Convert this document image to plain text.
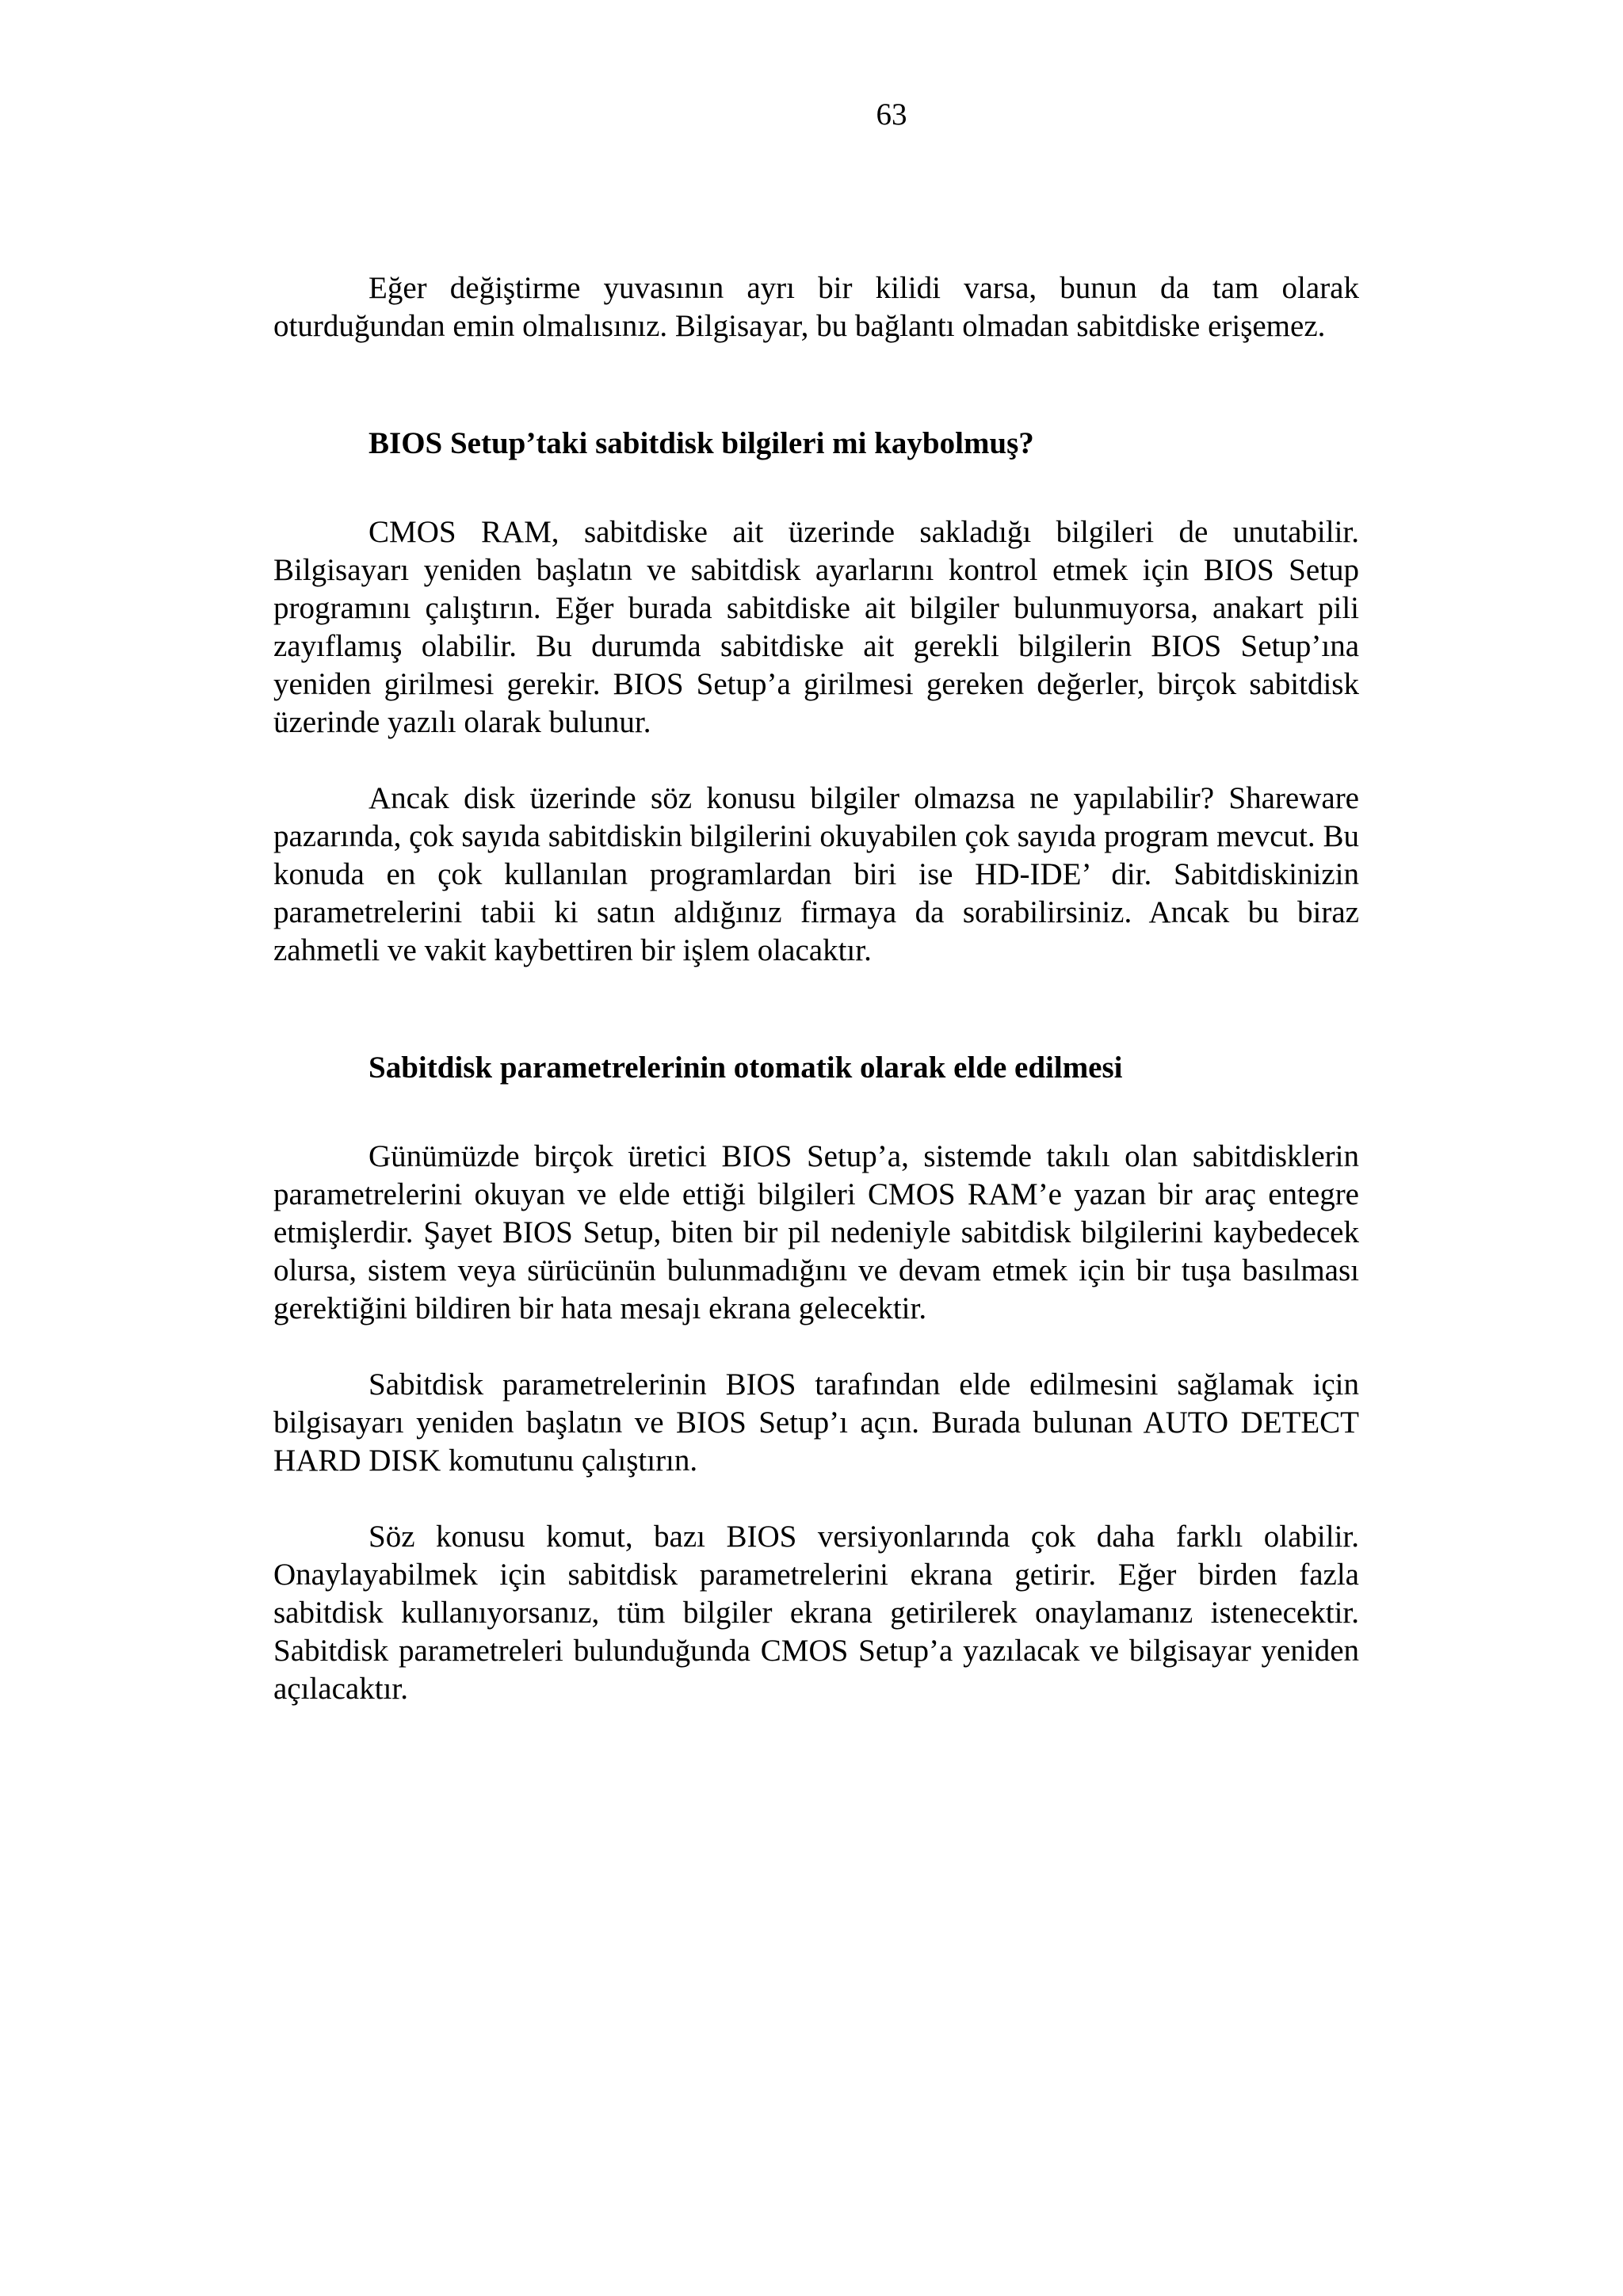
63

Eğer değiştirme yuvasının ayrı bir kilidi varsa, bunun da tam olarak oturduğundan emin olmalısınız. Bilgisayar, bu bağlantı olmadan sabitdiske erişemez.

BIOS Setup’taki sabitdisk bilgileri mi kaybolmuş?

CMOS RAM, sabitdiske ait üzerinde sakladığı bilgileri de unutabilir. Bilgisayarı yeniden başlatın ve sabitdisk ayarlarını kontrol etmek için BIOS Setup programını çalıştırın. Eğer burada sabitdiske ait bilgiler bulunmuyorsa, anakart pili zayıflamış olabilir. Bu durumda sabitdiske ait gerekli bilgilerin BIOS Setup’ına yeniden girilmesi gerekir. BIOS Setup’a girilmesi gereken değerler, birçok sabitdisk üzerinde yazılı olarak bulunur.

Ancak disk üzerinde söz konusu bilgiler olmazsa ne yapılabilir? Shareware pazarında, çok sayıda sabitdiskin bilgilerini okuyabilen çok sayıda program mevcut. Bu konuda en çok kullanılan programlardan biri ise HD-IDE’ dir. Sabitdiskinizin parametrelerini tabii ki satın aldığınız firmaya da sorabilirsiniz. Ancak bu biraz zahmetli ve vakit kaybettiren bir işlem olacaktır.

Sabitdisk parametrelerinin otomatik olarak elde edilmesi

Günümüzde birçok üretici BIOS Setup’a, sistemde takılı olan sabitdisklerin parametrelerini okuyan ve elde ettiği bilgileri CMOS RAM’e yazan bir araç entegre etmişlerdir. Şayet BIOS Setup, biten bir pil nedeniyle sabitdisk bilgilerini kaybedecek olursa, sistem veya sürücünün bulunmadığını ve devam etmek için bir tuşa basılması gerektiğini bildiren bir hata mesajı ekrana gelecektir.

Sabitdisk parametrelerinin BIOS tarafından elde edilmesini sağlamak için bilgisayarı yeniden başlatın ve BIOS Setup’ı açın. Burada bulunan AUTO DETECT HARD DISK komutunu çalıştırın.

Söz konusu komut, bazı BIOS versiyonlarında çok daha farklı olabilir. Onaylayabilmek için sabitdisk parametrelerini ekrana getirir. Eğer birden fazla sabitdisk kullanıyorsanız, tüm bilgiler ekrana getirilerek onaylamanız istenecektir. Sabitdisk parametreleri bulunduğunda CMOS Setup’a yazılacak ve bilgisayar yeniden açılacaktır.
